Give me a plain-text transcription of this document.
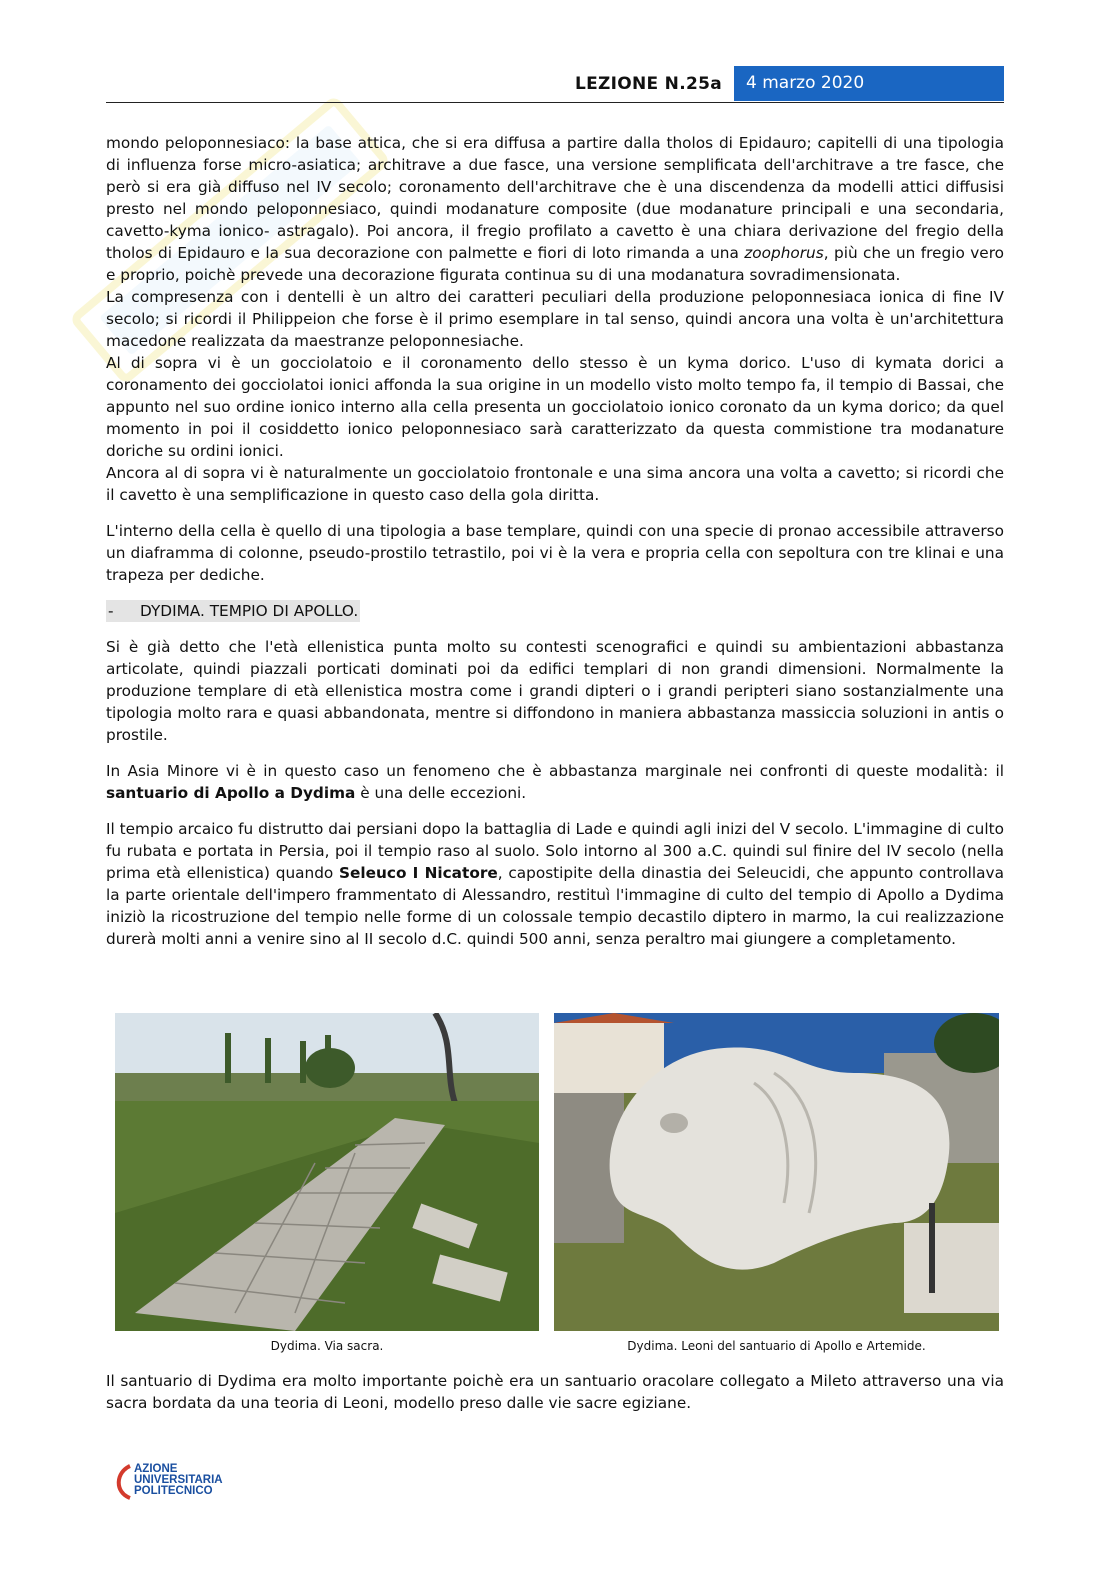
LEZIONE N.25a	4 marzo 2020

mondo peloponnesiaco: la base attica, che si era diffusa a partire dalla tholos di Epidauro; capitelli di una tipologia di influenza forse micro-asiatica; architrave a due fasce, una versione semplificata dell'architrave a tre fasce, che però si era già diffuso nel IV secolo; coronamento dell'architrave che è una discendenza da modelli attici diffusisi presto nel mondo peloponnesiaco, quindi modanature composite (due modanature principali e una secondaria, cavetto-kyma ionico- astragalo). Poi ancora, il fregio profilato a cavetto è una chiara derivazione del fregio della tholos di Epidauro e la sua decorazione con palmette e fiori di loto rimanda a una zoophorus, più che un fregio vero e proprio, poichè prevede una decorazione figurata continua su di una modanatura sovradimensionata.

La compresenza con i dentelli è un altro dei caratteri peculiari della produzione peloponnesiaca ionica di fine IV secolo; si ricordi il Philippeion che forse è il primo esemplare in tal senso, quindi ancora una volta è un'architettura macedone realizzata da maestranze peloponnesiache.

Al di sopra vi è un gocciolatoio e il coronamento dello stesso è un kyma dorico. L'uso di kymata dorici a coronamento dei gocciolatoi ionici affonda la sua origine in un modello visto molto tempo fa, il tempio di Bassai, che appunto nel suo ordine ionico interno alla cella presenta un gocciolatoio ionico coronato da un kyma dorico; da quel momento in poi il cosiddetto ionico peloponnesiaco sarà caratterizzato da questa commistione tra modanature doriche su ordini ionici.

Ancora al di sopra vi è naturalmente un gocciolatoio frontonale e una sima ancora una volta a cavetto; si ricordi che il cavetto è una semplificazione in questo caso della gola diritta.

L'interno della cella è quello di una tipologia a base templare, quindi con una specie di pronao accessibile attraverso un diaframma di colonne, pseudo-prostilo tetrastilo, poi vi è la vera e propria cella con sepoltura con tre klinai e una trapeza per dediche.

- DYDIMA. TEMPIO DI APOLLO.

Si è già detto che l'età ellenistica punta molto su contesti scenografici e quindi su ambientazioni abbastanza articolate, quindi piazzali porticati dominati poi da edifici templari di non grandi dimensioni. Normalmente la produzione templare di età ellenistica mostra come i grandi dipteri o i grandi peripteri siano sostanzialmente una tipologia molto rara e quasi abbandonata, mentre si diffondono in maniera abbastanza massiccia soluzioni in antis o prostile.

In Asia Minore vi è in questo caso un fenomeno che è abbastanza marginale nei confronti di queste modalità: il santuario di Apollo a Dydima è una delle eccezioni.

Il tempio arcaico fu distrutto dai persiani dopo la battaglia di Lade e quindi agli inizi del V secolo. L'immagine di culto fu rubata e portata in Persia, poi il tempio raso al suolo. Solo intorno al 300 a.C. quindi sul finire del IV secolo (nella prima età ellenistica) quando Seleuco I Nicatore, capostipite della dinastia dei Seleucidi, che appunto controllava la parte orientale dell'impero frammentato di Alessandro, restituì l'immagine di culto del tempio di Apollo a Dydima iniziò la ricostruzione del tempio nelle forme di un colossale tempio decastilo diptero in marmo, la cui realizzazione durerà molti anni a venire sino al II secolo d.C. quindi 500 anni, senza peraltro mai giungere a completamento.

Dydima. Via sacra.	Dydima. Leoni del santuario di Apollo e Artemide.

Il santuario di Dydima era molto importante poichè era un santuario oracolare collegato a Mileto attraverso una via sacra bordata da una teoria di Leoni, modello preso dalle vie sacre egiziane.

AZIONE
UNIVERSITARIA
POLITECNICO
